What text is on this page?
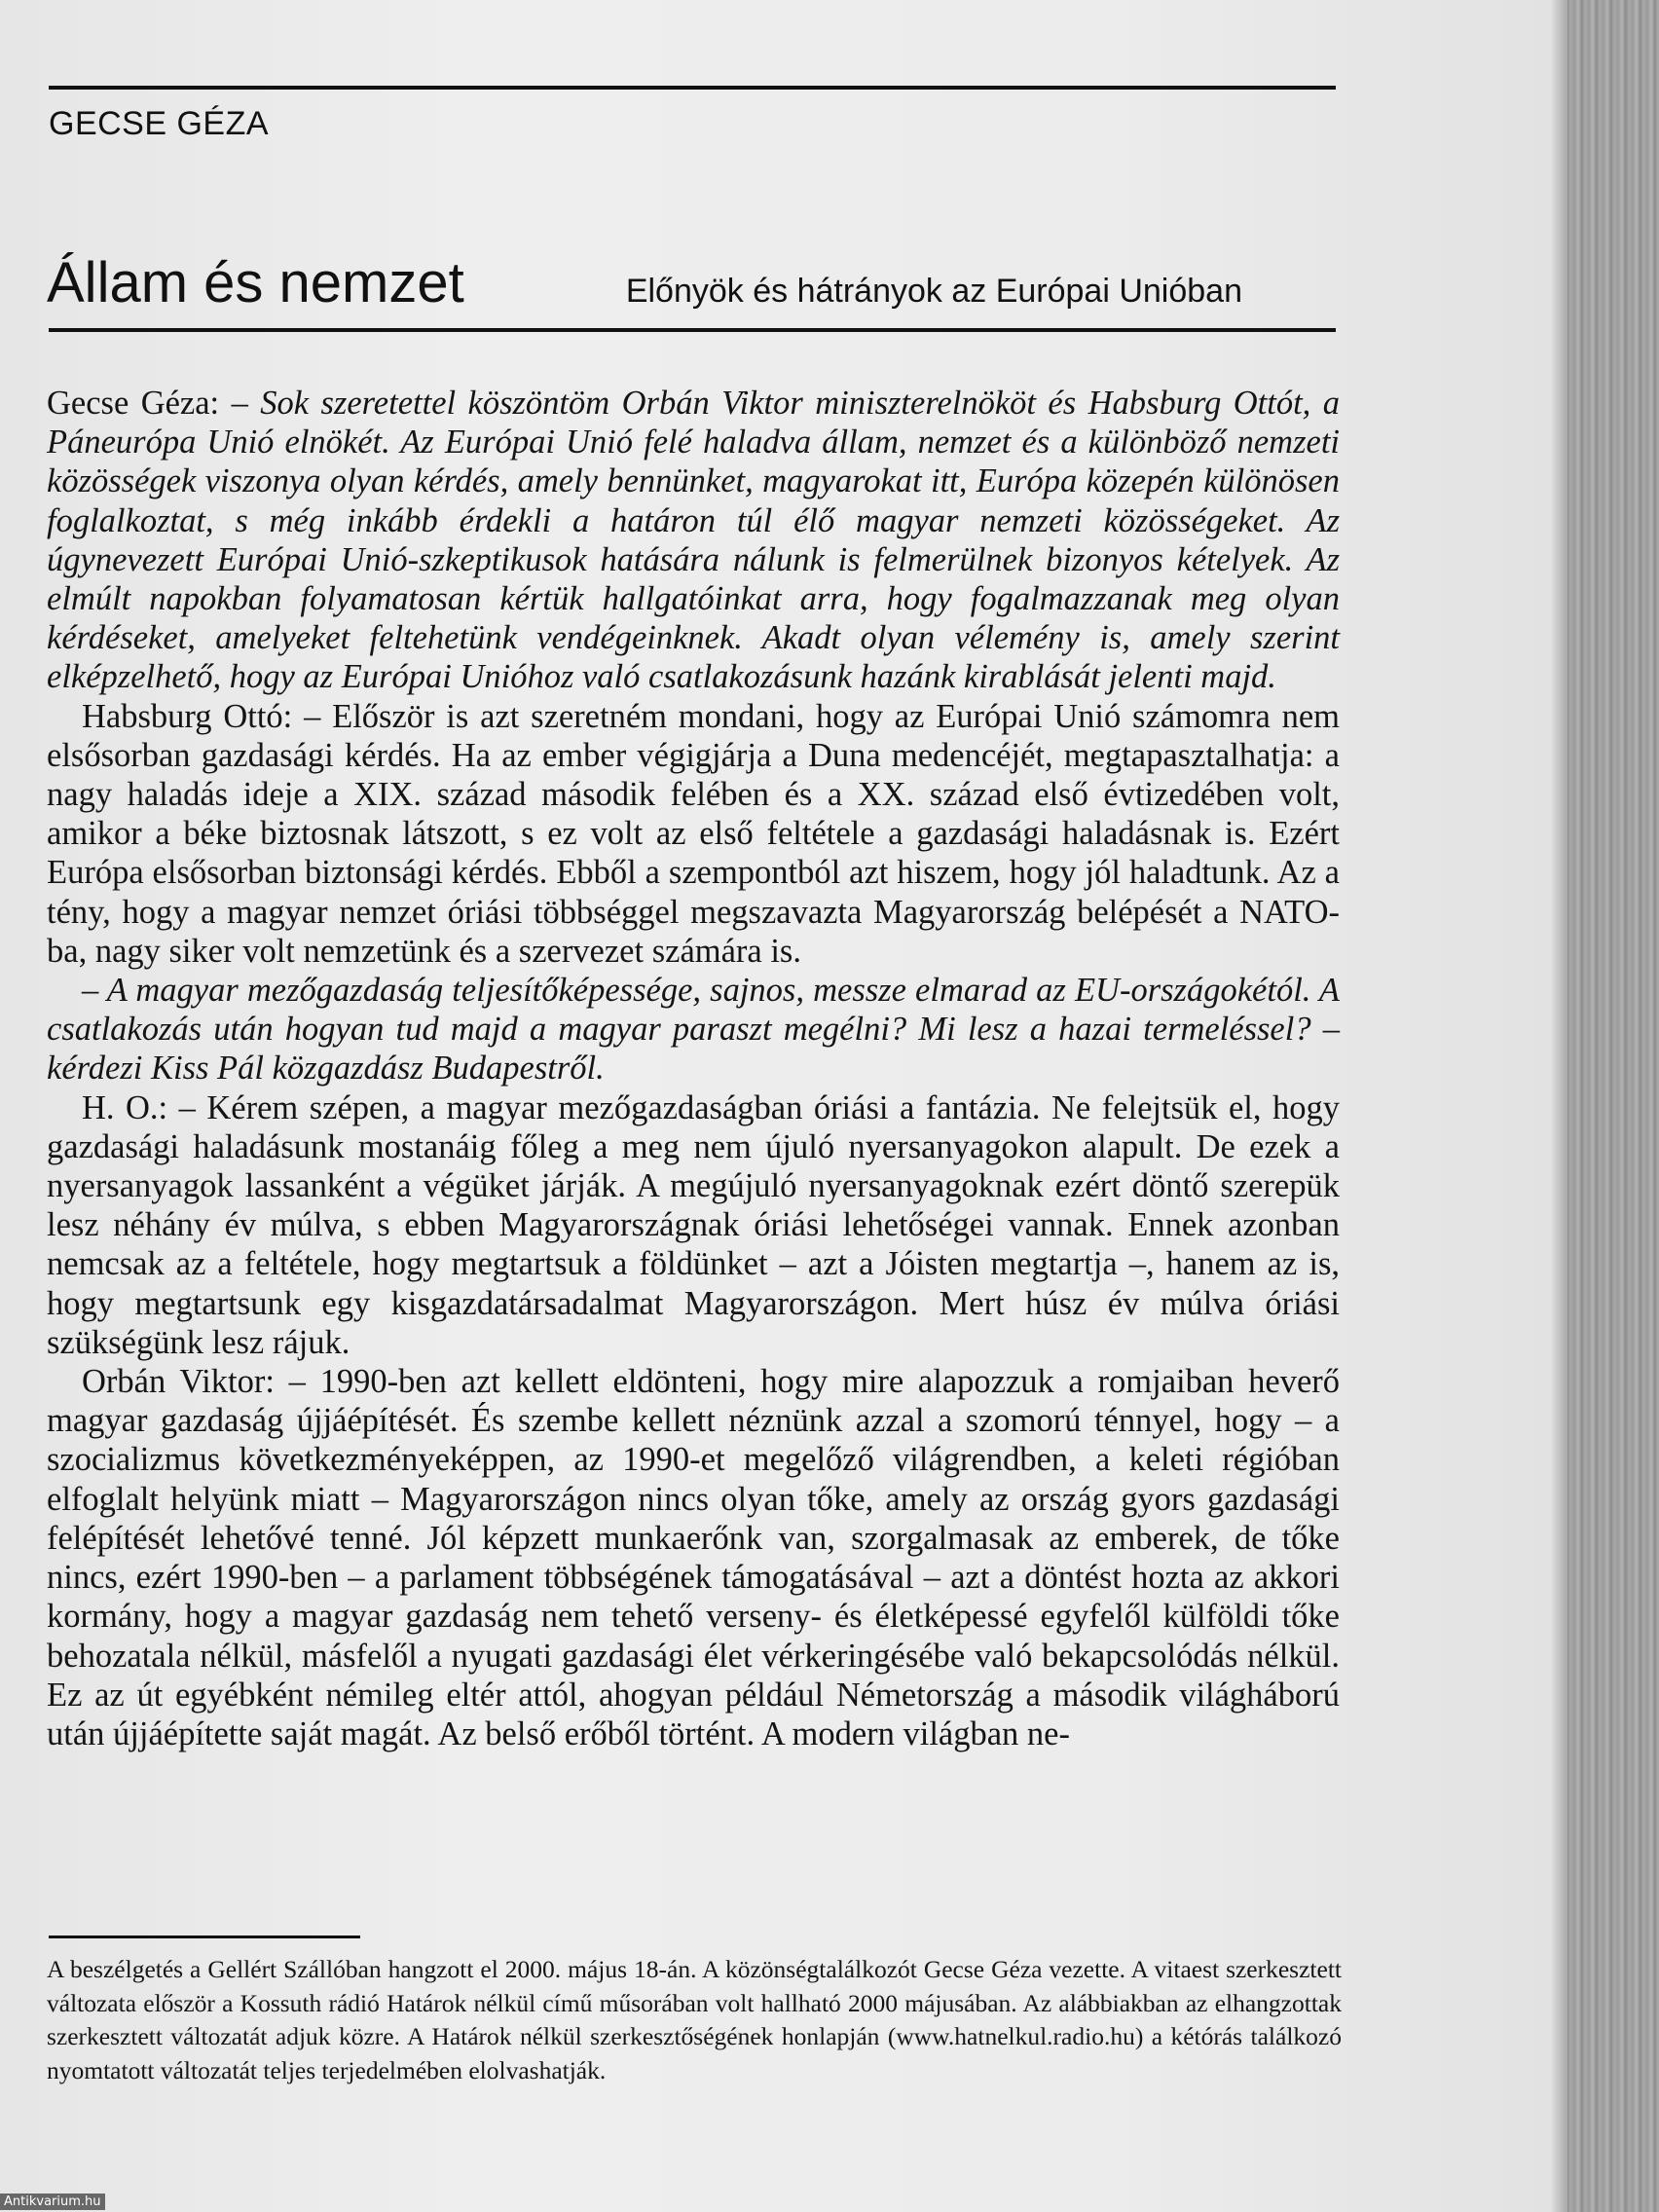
GECSE GÉZA
Állam és nemzet	Előnyök és hátrányok az Európai Unióban

Gecse Géza: – Sok szeretettel köszöntöm Orbán Viktor miniszterelnököt és Habsburg Ottót, a Páneurópa Unió elnökét. Az Európai Unió felé haladva állam, nemzet és a különböző nemzeti közösségek viszonya olyan kérdés, amely bennünket, magyarokat itt, Európa közepén különösen foglalkoztat, s még inkább érdekli a határon túl élő magyar nemzeti közösségeket. Az úgynevezett Európai Unió-szkeptikusok hatására nálunk is felmerülnek bizonyos kételyek. Az elmúlt napokban folyamatosan kértük hallgatóinkat arra, hogy fogalmazzanak meg olyan kérdéseket, amelyeket feltehetünk vendégeinknek. Akadt olyan vélemény is, amely szerint elképzelhető, hogy az Európai Unióhoz való csatlakozásunk hazánk kirablását jelenti majd.

Habsburg Ottó: – Először is azt szeretném mondani, hogy az Európai Unió számomra nem elsősorban gazdasági kérdés. Ha az ember végigjárja a Duna medencéjét, megtapasztalhatja: a nagy haladás ideje a XIX. század második felében és a XX. század első évtizedében volt, amikor a béke biztosnak látszott, s ez volt az első feltétele a gazdasági haladásnak is. Ezért Európa elsősorban biztonsági kérdés. Ebből a szempontból azt hiszem, hogy jól haladtunk. Az a tény, hogy a magyar nemzet óriási többséggel megszavazta Magyarország belépését a NATO-ba, nagy siker volt nemzetünk és a szervezet számára is.

– A magyar mezőgazdaság teljesítőképessége, sajnos, messze elmarad az EU-országokétól. A csatlakozás után hogyan tud majd a magyar paraszt megélni? Mi lesz a hazai termeléssel? – kérdezi Kiss Pál közgazdász Budapestről.

H. O.: – Kérem szépen, a magyar mezőgazdaságban óriási a fantázia. Ne felejtsük el, hogy gazdasági haladásunk mostanáig főleg a meg nem újuló nyersanyagokon alapult. De ezek a nyersanyagok lassanként a végüket járják. A megújuló nyersanyagoknak ezért döntő szerepük lesz néhány év múlva, s ebben Magyarországnak óriási lehetőségei vannak. Ennek azonban nemcsak az a feltétele, hogy megtartsuk a földünket – azt a Jóisten megtartja –, hanem az is, hogy megtartsunk egy kisgazdatársadalmat Magyarországon. Mert húsz év múlva óriási szükségünk lesz rájuk.

Orbán Viktor: – 1990-ben azt kellett eldönteni, hogy mire alapozzuk a romjaiban heverő magyar gazdaság újjáépítését. És szembe kellett néznünk azzal a szomorú ténnyel, hogy – a szocializmus következményeképpen, az 1990-et megelőző világrendben, a keleti régióban elfoglalt helyünk miatt – Magyarországon nincs olyan tőke, amely az ország gyors gazdasági felépítését lehetővé tenné. Jól képzett munkaerőnk van, szorgalmasak az emberek, de tőke nincs, ezért 1990-ben – a parlament többségének támogatásával – azt a döntést hozta az akkori kormány, hogy a magyar gazdaság nem tehető verseny- és életképessé egyfelől külföldi tőke behozatala nélkül, másfelől a nyugati gazdasági élet vérkeringésébe való bekapcsolódás nélkül. Ez az út egyébként némileg eltér attól, ahogyan például Németország a második világháború után újjáépítette saját magát. Az belső erőből történt. A modern világban ne-

A beszélgetés a Gellért Szállóban hangzott el 2000. május 18-án. A közönségtalálkozót Gecse Géza vezette. A vitaest szerkesztett változata először a Kossuth rádió Határok nélkül című műsorában volt hallható 2000 májusában. Az alábbiakban az elhangzottak szerkesztett változatát adjuk közre. A Határok nélkül szerkesztőségének honlapján (www.hatnelkul.radio.hu) a kétórás találkozó nyomtatott változatát teljes terjedelmében elolvashatják.
Antikvarium.hu
